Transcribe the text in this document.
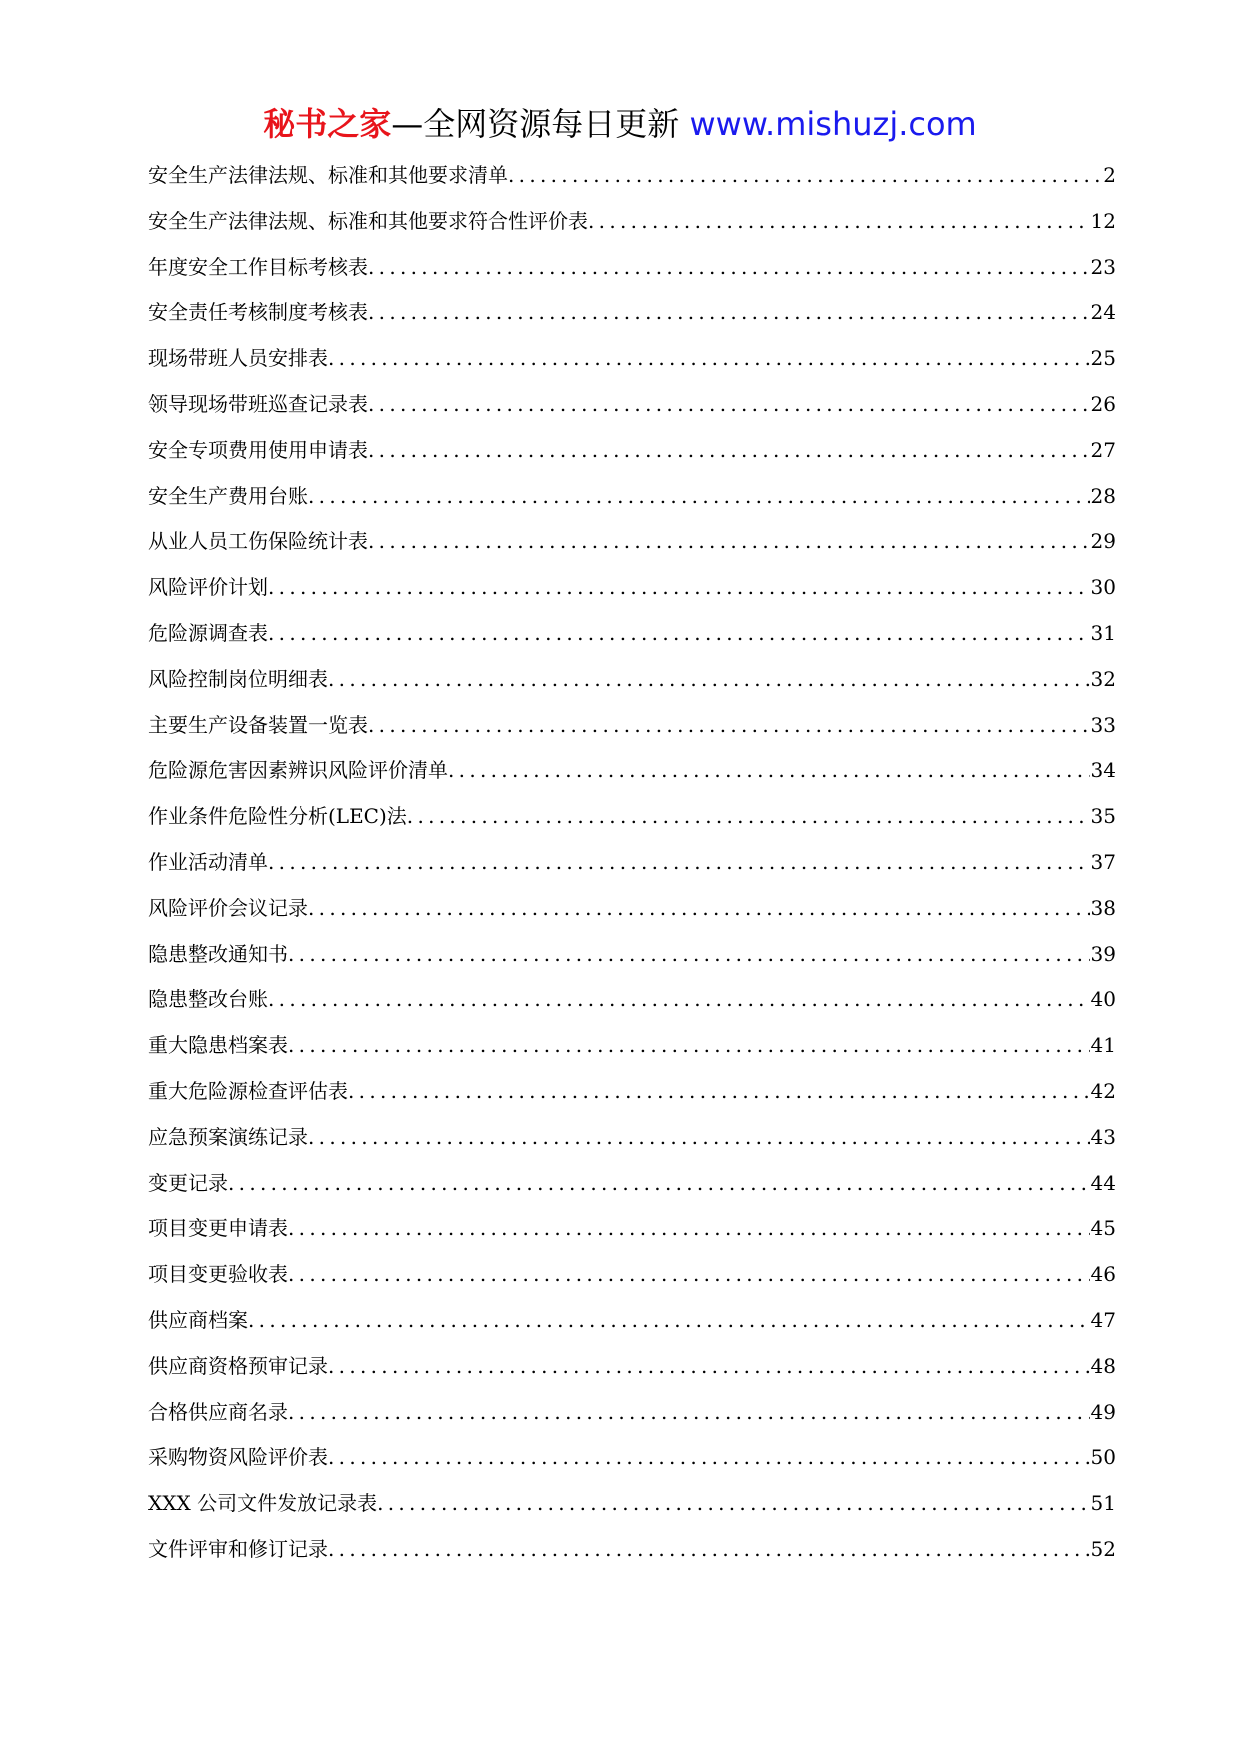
秘书之家—全网资源每日更新 www.mishuzj.com
安全生产法律法规、标准和其他要求清单 .....	2
安全生产法律法规、标准和其他要求符合性评价表 .....	12
年度安全工作目标考核表 .....	23
安全责任考核制度考核表 .....	24
现场带班人员安排表 .....	25
领导现场带班巡查记录表 .....	26
安全专项费用使用申请表 .....	27
安全生产费用台账 .....	28
从业人员工伤保险统计表 .....	29
风险评价计划 .....	30
危险源调查表 .....	31
风险控制岗位明细表 .....	32
主要生产设备装置一览表 .....	33
危险源危害因素辨识风险评价清单 .....	34
作业条件危险性分析(LEC)法 .....	35
作业活动清单 .....	37
风险评价会议记录 .....	38
隐患整改通知书 .....	39
隐患整改台账 .....	40
重大隐患档案表 .....	41
重大危险源检查评估表 .....	42
应急预案演练记录 .....	43
变更记录 .....	44
项目变更申请表 .....	45
项目变更验收表 .....	46
供应商档案 .....	47
供应商资格预审记录 .....	48
合格供应商名录 .....	49
采购物资风险评价表 .....	50
XXX 公司文件发放记录表 .....	51
文件评审和修订记录 .....	52
